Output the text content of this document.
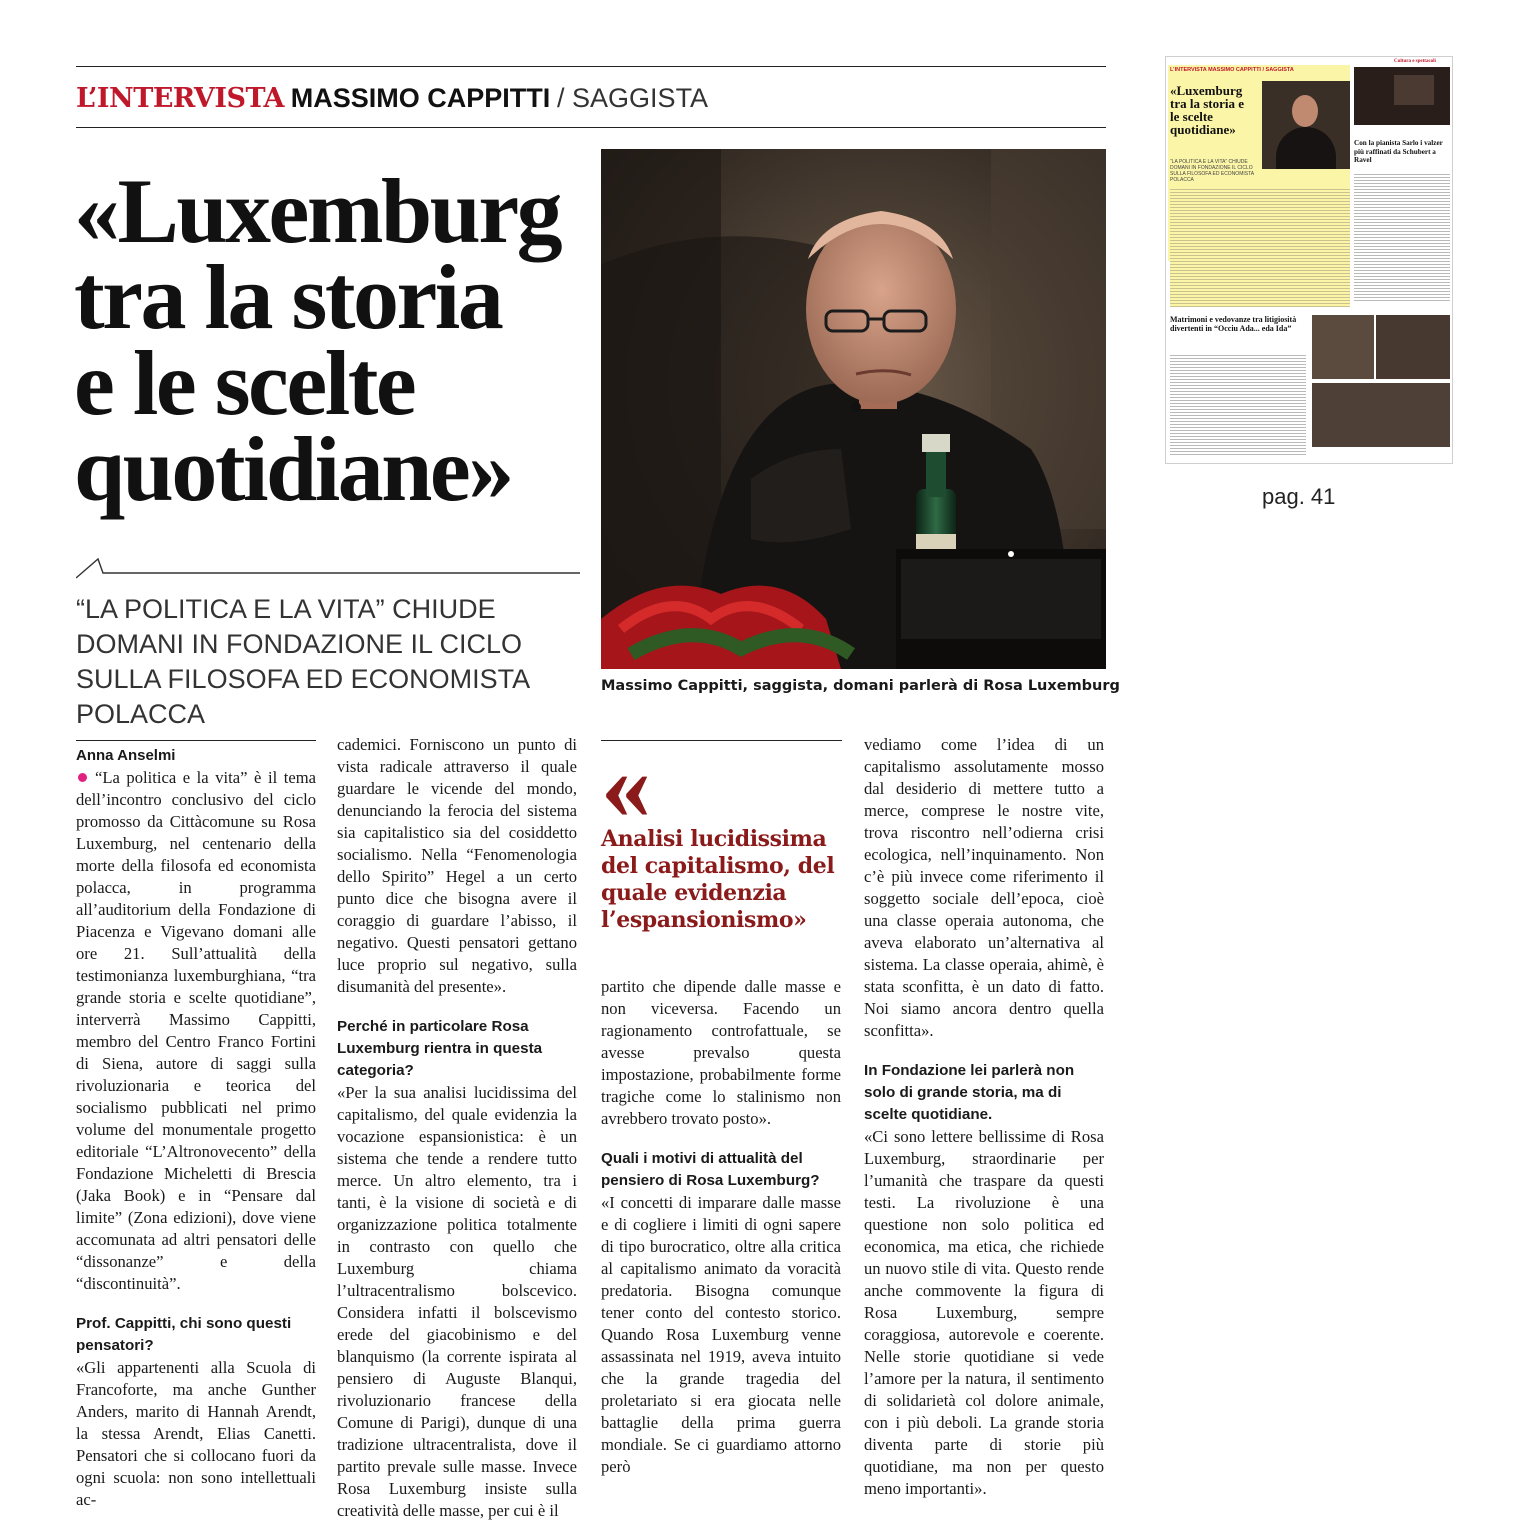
L’INTERVISTA MASSIMO CAPPITTI / SAGGISTA
«Luxemburg
tra la storia
e le scelte
quotidiane»
“LA POLITICA E LA VITA” CHIUDE DOMANI IN FONDAZIONE IL CICLO SULLA FILOSOFA ED ECONOMISTA POLACCA
Massimo Cappitti, saggista, domani parlerà di Rosa Luxemburg
Anna Anselmi

“La politica e la vita” è il tema dell’incontro conclusivo del ciclo promosso da Cittàcomune su Rosa Luxemburg, nel centenario della morte della filosofa ed economista polacca, in programma all’auditorium della Fondazione di Piacenza e Vigevano domani alle ore 21. Sull’attualità della testimonianza luxemburghiana, “tra grande storia e scelte quotidiane”, interverrà Massimo Cappitti, membro del Centro Franco Fortini di Siena, autore di saggi sulla rivoluzionaria e teorica del socialismo pubblicati nel primo volume del monumentale progetto editoriale “L’Altronovecento” della Fondazione Micheletti di Brescia (Jaka Book) e in “Pensare dal limite” (Zona edizioni), dove viene accomunata ad altri pensatori delle “dissonanze” e della “discontinuità”.

Prof. Cappitti, chi sono questi pensatori?

«Gli appartenenti alla Scuola di Francoforte, ma anche Gunther Anders, marito di Hannah Arendt, la stessa Arendt, Elias Canetti. Pensatori che si collocano fuori da ogni scuola: non sono intellettuali ac-

cademici. Forniscono un punto di vista radicale attraverso il quale guardare le vicende del mondo, denunciando la ferocia del sistema sia capitalistico sia del cosiddetto socialismo. Nella “Fenomenologia dello Spirito” Hegel a un certo punto dice che bisogna avere il coraggio di guardare l’abisso, il negativo. Questi pensatori gettano luce proprio sul negativo, sulla disumanità del presente».

Perché in particolare Rosa Luxemburg rientra in questa categoria?

«Per la sua analisi lucidissima del capitalismo, del quale evidenzia la vocazione espansionistica: è un sistema che tende a rendere tutto merce. Un altro elemento, tra i tanti, è la visione di società e di organizzazione politica totalmente in contrasto con quello che Luxemburg chiama l’ultracentralismo bolscevico. Considera infatti il bolscevismo erede del giacobinismo e del blanquismo (la corrente ispirata al pensiero di Auguste Blanqui, rivoluzionario francese della Comune di Parigi), dunque di una tradizione ultracentralista, dove il partito prevale sulle masse. Invece Rosa Luxemburg insiste sulla creatività delle masse, per cui è il

«
Analisi lucidissima del capitalismo, del quale evidenzia l’espansionismo»

partito che dipende dalle masse e non viceversa. Facendo un ragionamento controfattuale, se avesse prevalso questa impostazione, probabilmente forme tragiche come lo stalinismo non avrebbero trovato posto».

Quali i motivi di attualità del pensiero di Rosa Luxemburg?

«I concetti di imparare dalle masse e di cogliere i limiti di ogni sapere di tipo burocratico, oltre alla critica al capitalismo animato da voracità predatoria. Bisogna comunque tener conto del contesto storico. Quando Rosa Luxemburg venne assassinata nel 1919, aveva intuito che la grande tragedia del proletariato si era giocata nelle battaglie della prima guerra mondiale. Se ci guardiamo attorno però

vediamo come l’idea di un capitalismo assolutamente mosso dal desiderio di mettere tutto a merce, comprese le nostre vite, trova riscontro nell’odierna crisi ecologica, nell’inquinamento. Non c’è più invece come riferimento il soggetto sociale dell’epoca, cioè una classe operaia autonoma, che aveva elaborato un’alternativa al sistema. La classe operaia, ahimè, è stata sconfitta, è un dato di fatto. Noi siamo ancora dentro quella sconfitta».

In Fondazione lei parlerà non solo di grande storia, ma di scelte quotidiane.

«Ci sono lettere bellissime di Rosa Luxemburg, straordinarie per l’umanità che traspare da questi testi. La rivoluzione è una questione non solo politica ed economica, ma etica, che richiede un nuovo stile di vita. Questo rende anche commovente la figura di Rosa Luxemburg, sempre coraggiosa, autorevole e coerente. Nelle storie quotidiane si vede l’amore per la natura, il sentimento di solidarietà col dolore animale, con i più deboli. La grande storia diventa parte di storie più quotidiane, ma non per questo meno importanti».

Cultura e spettacoli
L’INTERVISTA MASSIMO CAPPITTI / SAGGISTA
«Luxemburg tra la storia e le scelte quotidiane»
“LA POLITICA E LA VITA” CHIUDE DOMANI IN FONDAZIONE IL CICLO SULLA FILOSOFA ED ECONOMISTA POLACCA
Con la pianista Sarlo i valzer più raffinati da Schubert a Ravel
Matrimoni e vedovanze tra litigiosità divertenti in “Occiu Ada... eda Ida”
pag. 41
